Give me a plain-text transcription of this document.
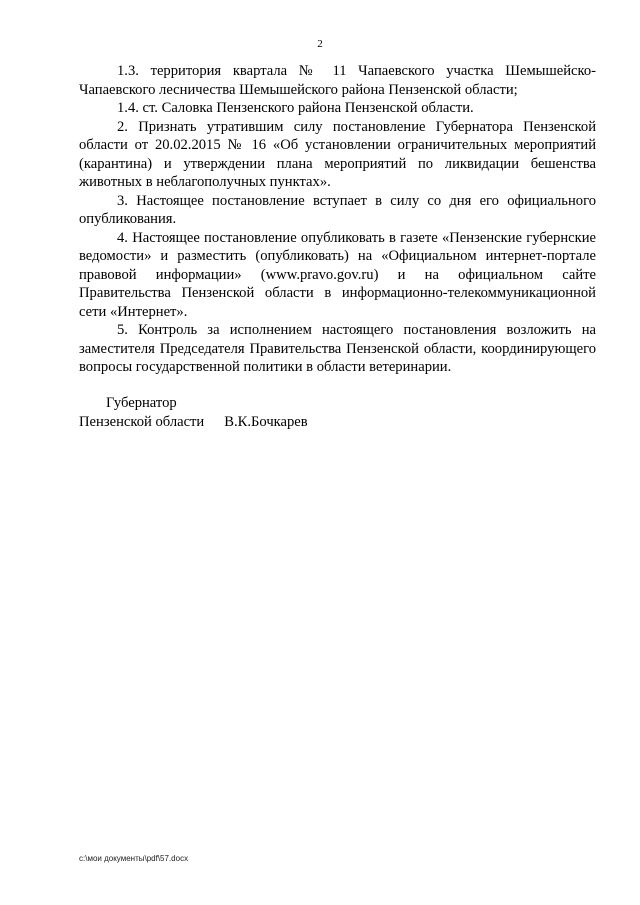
2

1.3. территория квартала № 11 Чапаевского участка Шемышейско-Чапаевского лесничества Шемышейского района Пензенской области;

1.4. ст. Саловка Пензенского района Пензенской области.

2. Признать утратившим силу постановление Губернатора Пензенской области от 20.02.2015 № 16 «Об установлении ограничительных мероприятий (карантина) и утверждении плана мероприятий по ликвидации бешенства животных в неблагополучных пунктах».

3. Настоящее постановление вступает в силу со дня его официального опубликования.

4. Настоящее постановление опубликовать в газете «Пензенские губернские ведомости» и разместить (опубликовать) на «Официальном интернет-портале правовой информации» (www.pravo.gov.ru) и на официальном сайте Правительства Пензенской области в информационно-телекоммуникационной сети «Интернет».

5. Контроль за исполнением настоящего постановления возложить на заместителя Председателя Правительства Пензенской области, координирующего вопросы государственной политики в области ветеринарии.

Губернатор
Пензенской области В.К.Бочкарев
c:\мои документы\pdf\57.docx
